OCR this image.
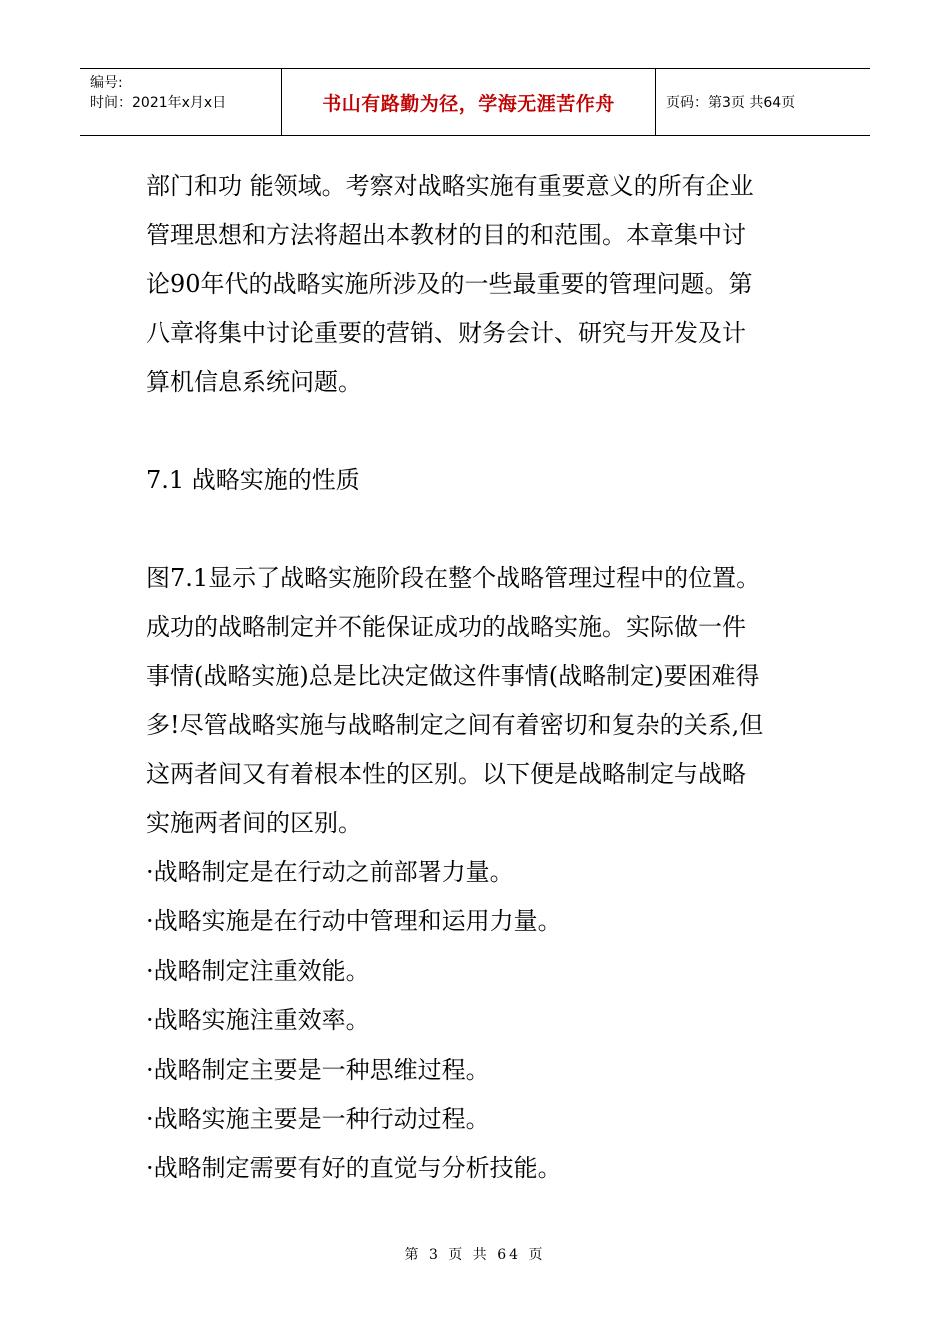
编号:
时间：2021年x月x日	书山有路勤为径，学海无涯苦作舟	页码：第3页 共64页

部门和功 能领域。考察对战略实施有重要意义的所有企业

管理思想和方法将超出本教材的目的和范围。本章集中讨

论90年代的战略实施所涉及的一些最重要的管理问题。第

八章将集中讨论重要的营销、财务会计、研究与开发及计

算机信息系统问题。

7.1 战略实施的性质

图7.1显示了战略实施阶段在整个战略管理过程中的位置。

成功的战略制定并不能保证成功的战略实施。实际做一件

事情(战略实施)总是比决定做这件事情(战略制定)要困难得

多!尽管战略实施与战略制定之间有着密切和复杂的关系,但

这两者间又有着根本性的区别。以下便是战略制定与战略

实施两者间的区别。

·战略制定是在行动之前部署力量。

·战略实施是在行动中管理和运用力量。

·战略制定注重效能。

·战略实施注重效率。

·战略制定主要是一种思维过程。

·战略实施主要是一种行动过程。

·战略制定需要有好的直觉与分析技能。

第 3 页 共 64 页
